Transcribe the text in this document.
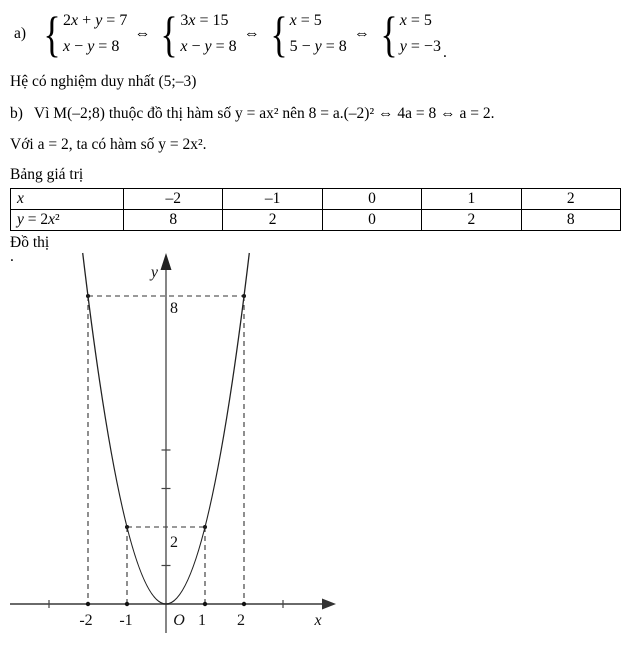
a) { 2x + y = 7
x − y = 8
⇔ { 3x = 15
x − y = 8
⇔ { x = 5
5 − y = 8
⇔ { x = 5
y = −3 .

Hệ có nghiệm duy nhất (5;–3)

b) Vì M(–2;8) thuộc đồ thị hàm số y = ax² nên 8 = a.(–2)² ⇔ 4a = 8 ⇔ a = 2.

Với a = 2, ta có hàm số y = 2x².

Bảng giá trị

x	–2	–1	0	1	2
y = 2x²	8	2	0	2	8

Đồ thị

.

y
8
2
-2 -1	O 1 2	x
